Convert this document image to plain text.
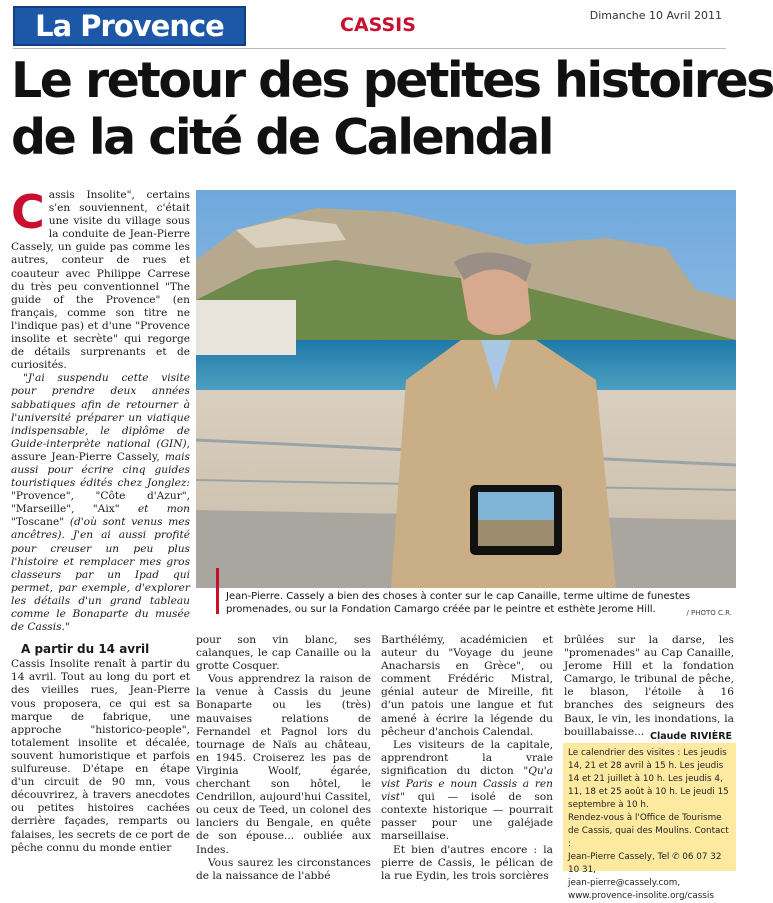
La Provence	CASSIS	Dimanche 10 Avril 2011
Le retour des petites histoires
de la cité de Calendal

Cassis Insolite", certains s'en souviennent, c'était une visite du village sous la conduite de Jean-Pierre Cassely, un guide pas comme les autres, conteur de rues et coauteur avec Philippe Carrese du très peu conventionnel "The guide of the Provence" (en français, comme son titre ne l'indique pas) et d'une "Provence insolite et secrète" qui regorge de détails surprenants et de curiosités.

"J'ai suspendu cette visite pour prendre deux années sabbatiques afin de retourner à l'université préparer un viatique indispensable, le diplôme de Guide-interprète national (GIN), assure Jean-Pierre Cassely, mais aussi pour écrire cinq guides touristiques édités chez Jonglez: "Provence", "Côte d'Azur", "Marseille", "Aix" et mon "Toscane" (d'où sont venus mes ancêtres). J'en ai aussi profité pour creuser un peu plus l'histoire et remplacer mes gros classeurs par un Ipad qui permet, par exemple, d'explorer les détails d'un grand tableau comme le Bonaparte du musée de Cassis."

A partir du 14 avril

Cassis Insolite renaît à partir du 14 avril. Tout au long du port et des vieilles rues, Jean-Pierre vous proposera, ce qui est sa marque de fabrique, une approche "historico-people", totalement insolite et décalée, souvent humoristique et parfois sulfureuse. D'étape en étape d'un circuit de 90 mn, vous découvrirez, à travers anecdotes ou petites histoires cachées derrière façades, remparts ou falaises, les secrets de ce port de pêche connu du monde entier

Jean-Pierre. Cassely a bien des choses à conter sur le cap Canaille, terme ultime de funestes promenades, ou sur la Fondation Camargo créée par le peintre et esthète Jerome Hill.	/ PHOTO C.R.

pour son vin blanc, ses calanques, le cap Canaille ou la grotte Cosquer.

Vous apprendrez la raison de la venue à Cassis du jeune Bonaparte ou les (très) mauvaises relations de Fernandel et Pagnol lors du tournage de Naïs au château, en 1945. Croiserez les pas de Virginia Woolf, égarée, cherchant son hôtel, le Cendrillon, aujourd'hui Cassitel, ou ceux de Teed, un colonel des lanciers du Bengale, en quête de son épouse... oubliée aux Indes.

Vous saurez les circonstances de la naissance de l'abbé

Barthélémy, académicien et auteur du "Voyage du jeune Anacharsis en Grèce", ou comment Frédéric Mistral, génial auteur de Mireille, fit d'un patois une langue et fut amené à écrire la légende du pêcheur d'anchois Calendal.

Les visiteurs de la capitale, apprendront la vraie signification du dicton "Qu'a vist Paris e noun Cassis a ren vist" qui — isolé de son contexte historique — pourrait passer pour une galéjade marseillaise.

Et bien d'autres encore : la pierre de Cassis, le pélican de la rue Eydin, les trois sorcières

brûlées sur la darse, les "promenades" au Cap Canaille, Jerome Hill et la fondation Camargo, le tribunal de pêche, le blason, l'étoile à 16 branches des seigneurs des Baux, le vin, les inondations, la bouillabaisse... Claude RIVIÈRE

Le calendrier des visites : Les jeudis 14, 21 et 28 avril à 15 h. Les jeudis 14 et 21 juillet à 10 h. Les jeudis 4, 11, 18 et 25 août à 10 h. Le jeudi 15 septembre à 10 h.

Rendez-vous à l'Office de Tourisme de Cassis, quai des Moulins. Contact :

Jean-Pierre Cassely, Tel ✆ 06 07 32 10 31,

jean-pierre@cassely.com,

www.provence-insolite.org/cassis
